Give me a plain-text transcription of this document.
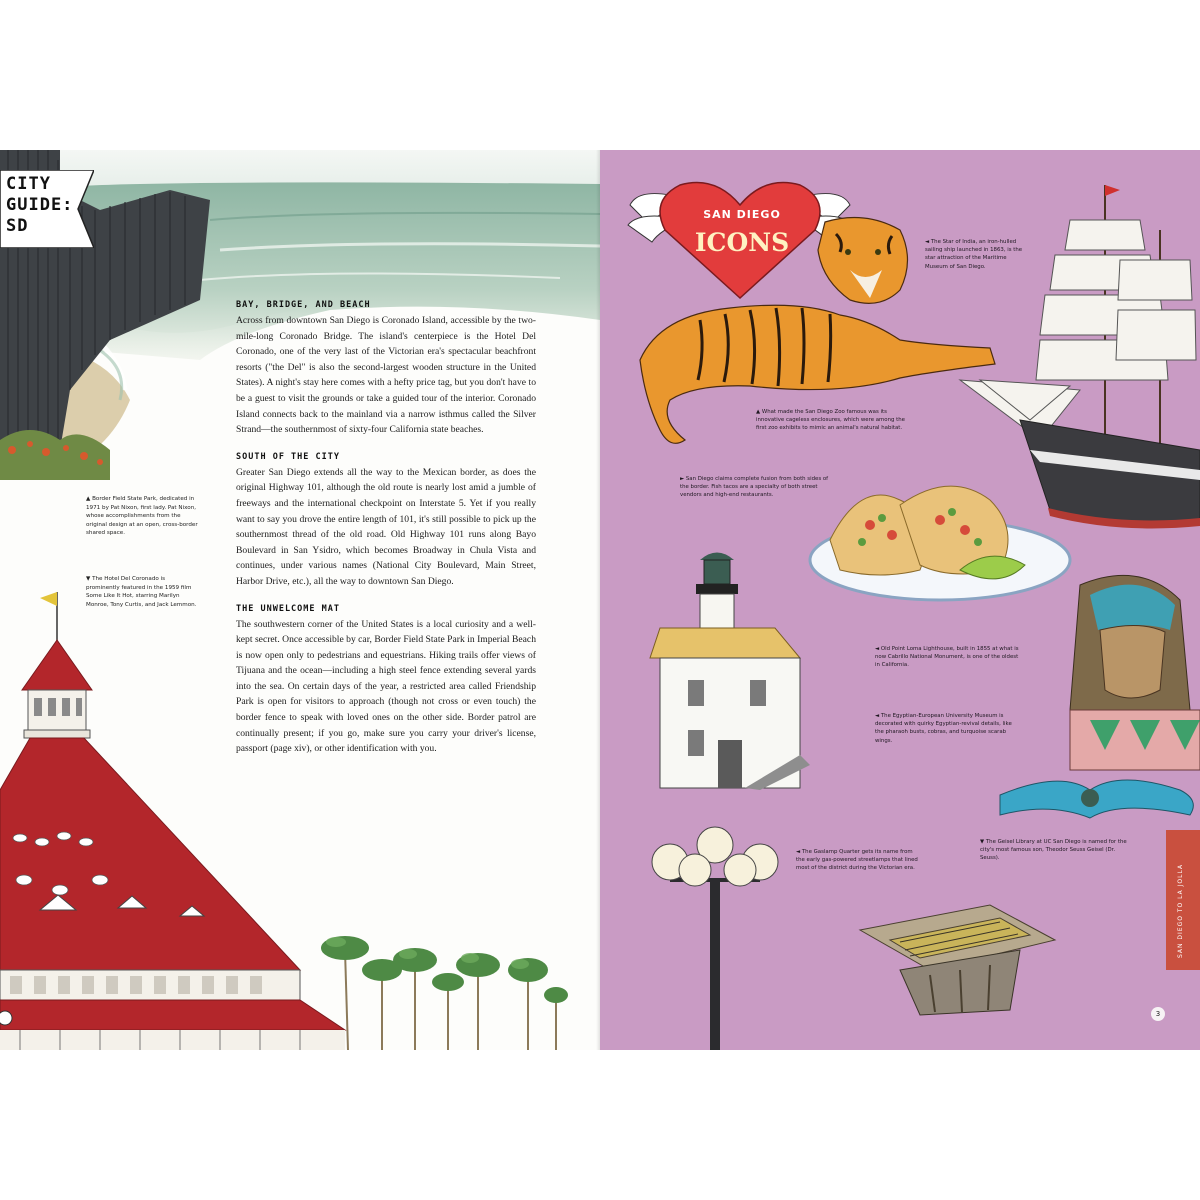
CITY
GUIDE:
SD
BAY, BRIDGE, AND BEACH

Across from downtown San Diego is Coronado Island, accessible by the two-mile-long Coronado Bridge. The island's centerpiece is the Hotel Del Coronado, one of the very last of the Victorian era's spectacular beachfront resorts ("the Del" is also the second-largest wooden structure in the United States). A night's stay here comes with a hefty price tag, but you don't have to be a guest to visit the grounds or take a guided tour of the interior. Coronado Island connects back to the mainland via a narrow isthmus called the Silver Strand—the southernmost of sixty-four California state beaches.

SOUTH OF THE CITY

Greater San Diego extends all the way to the Mexican border, as does the original Highway 101, although the old route is nearly lost amid a jumble of freeways and the international checkpoint on Interstate 5. Yet if you really want to say you drove the entire length of 101, it's still possible to pick up the southernmost thread of the old road. Old Highway 101 runs along Bayo Boulevard in San Ysidro, which becomes Broadway in Chula Vista and continues, under various names (National City Boulevard, Main Street, Harbor Drive, etc.), all the way to downtown San Diego.

THE UNWELCOME MAT

The southwestern corner of the United States is a local curiosity and a well-kept secret. Once accessible by car, Border Field State Park in Imperial Beach is now open only to pedestrians and equestrians. Hiking trails offer views of Tijuana and the ocean—including a high steel fence extending several yards into the sea. On certain days of the year, a restricted area called Friendship Park is open for visitors to approach (though not cross or even touch) the border fence to speak with loved ones on the other side. Border patrol are continually present; if you go, make sure you carry your driver's license, passport (page xiv), or other identification with you.

▲ Border Field State Park, dedicated in 1971 by Pat Nixon, first lady. Pat Nixon, whose accomplishments from the original design at an open, cross-border shared space.
▼ The Hotel Del Coronado is prominently featured in the 1959 film Some Like It Hot, starring Marilyn Monroe, Tony Curtis, and Jack Lemmon.
SAN DIEGO
ICONS	◄ The Star of India, an iron-hulled sailing ship launched in 1863, is the star attraction of the Maritime Museum of San Diego.
▲ What made the San Diego Zoo famous was its innovative cageless enclosures, which were among the first zoo exhibits to mimic an animal's natural habitat.
► San Diego claims complete fusion from both sides of the border. Fish tacos are a specialty of both street vendors and high-end restaurants.
◄ Old Point Loma Lighthouse, built in 1855 at what is now Cabrillo National Monument, is one of the oldest in California.
◄ The Egyptian-European University Museum is decorated with quirky Egyptian-revival details, like the pharaoh busts, cobras, and turquoise scarab wings.
◄ The Gaslamp Quarter gets its name from the early gas-powered streetlamps that lined most of the district during the Victorian era.
▼ The Geisel Library at UC San Diego is named for the city's most famous son, Theodor Seuss Geisel (Dr. Seuss).
SAN DIEGO TO LA JOLLA
3
